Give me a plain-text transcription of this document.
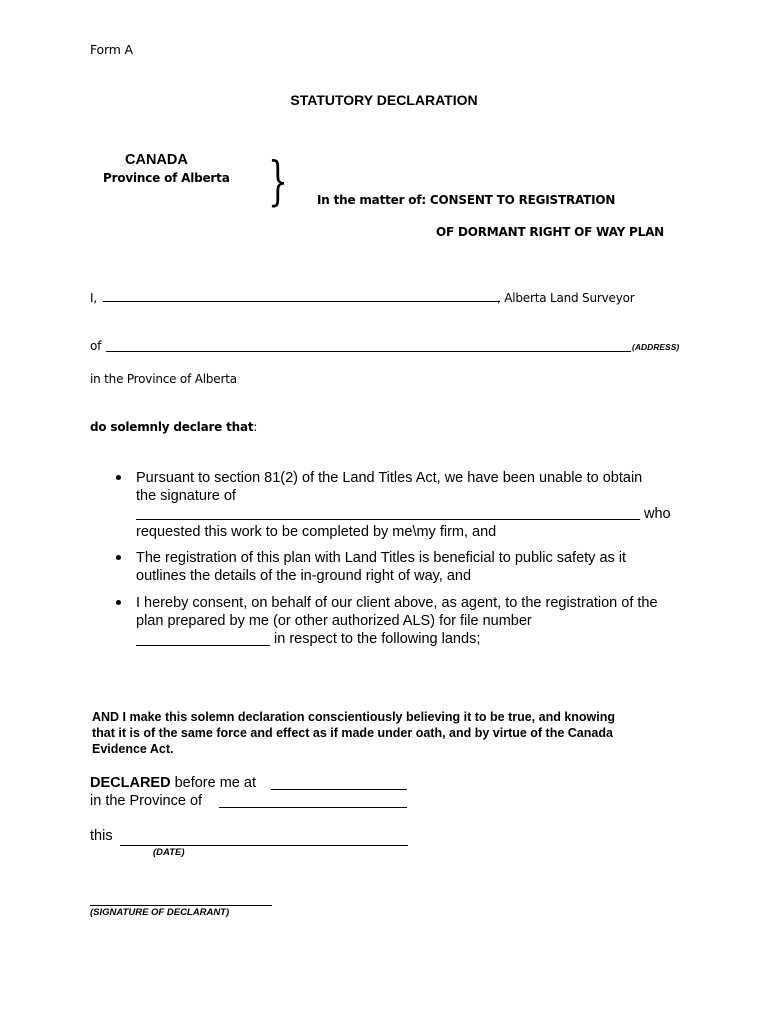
Form A
STATUTORY DECLARATION
CANADA
Province of Alberta } In the matter of: CONSENT TO REGISTRATION
OF DORMANT RIGHT OF WAY PLAN
I,	, Alberta Land Surveyor
of	(ADDRESS)
in the Province of Alberta
do solemnly declare that:
Pursuant to section 81(2) of the Land Titles Act, we have been unable to obtain
the signature of
who
requested this work to be completed by me\my firm, and
The registration of this plan with Land Titles is beneficial to public safety as it
outlines the details of the in-ground right of way, and
I hereby consent, on behalf of our client above, as agent, to the registration of the
plan prepared by me (or other authorized ALS) for file number
in respect to the following lands;
AND I make this solemn declaration conscientiously believing it to be true, and knowing
that it is of the same force and effect as if made under oath, and by virtue of the Canada
Evidence Act.
DECLARED before me at
in the Province of
this
(DATE)
(SIGNATURE OF DECLARANT)
